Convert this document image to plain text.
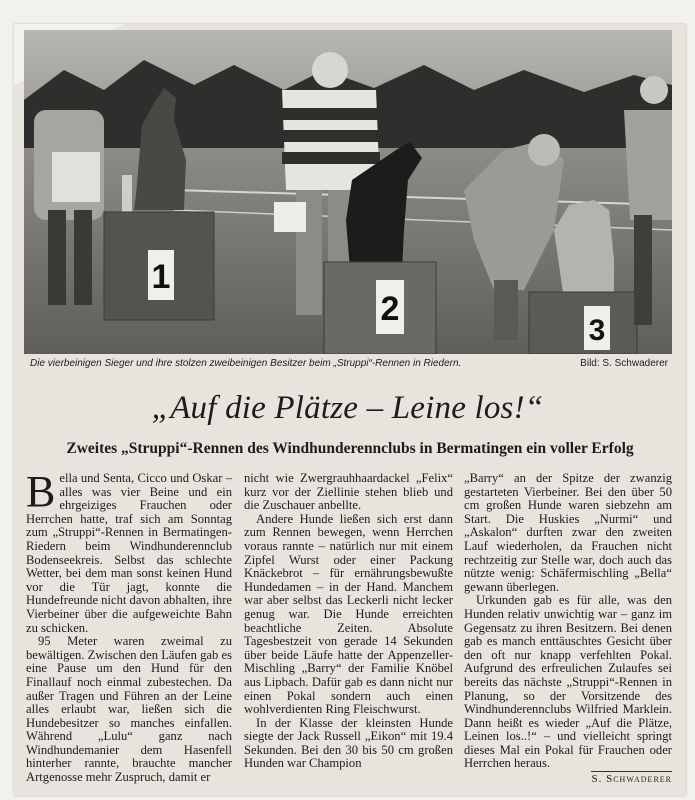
1
2
3
Die vierbeinigen Sieger und ihre stolzen zweibeinigen Besitzer beim „Struppi“-Rennen in Riedern.	Bild: S. Schwaderer
„Auf die Plätze – Leine los!“
Zweites „Struppi“-Rennen des Windhunderennclubs in Bermatingen ein voller Erfolg

Bella und Senta, Cicco und Oskar – alles was vier Beine und ein ehrgeiziges Frauchen oder Herrchen hatte, traf sich am Sonntag zum „Struppi“-Rennen in Bermatingen-Riedern beim Windhunderennclub Bodenseekreis. Selbst das schlechte Wetter, bei dem man sonst keinen Hund vor die Tür jagt, konnte die Hundefreunde nicht davon abhalten, ihre Vierbeiner über die aufgeweichte Bahn zu schicken.

95 Meter waren zweimal zu bewältigen. Zwischen den Läufen gab es eine Pause um den Hund für den Finallauf noch einmal zubestechen. Da außer Tragen und Führen an der Leine alles erlaubt war, ließen sich die Hundebesitzer so manches einfallen. Während „Lulu“ ganz nach Windhundemanier dem Hasenfell hinterher rannte, brauchte mancher Artgenosse mehr Zuspruch, damit er

nicht wie Zwergrauhhaardackel „Felix“ kurz vor der Ziellinie stehen blieb und die Zuschauer anbellte.

Andere Hunde ließen sich erst dann zum Rennen bewegen, wenn Herrchen voraus rannte – natürlich nur mit einem Zipfel Wurst oder einer Packung Knäckebrot – für ernährungsbewußte Hundedamen – in der Hand. Manchem war aber selbst das Leckerli nicht lecker genug war. Die Hunde erreichten beachtliche Zeiten. Absolute Tagesbestzeit von gerade 14 Sekunden über beide Läufe hatte der Appenzeller-Mischling „Barry“ der Familie Knöbel aus Lipbach. Dafür gab es dann nicht nur einen Pokal sondern auch einen wohlverdienten Ring Fleischwurst.

In der Klasse der kleinsten Hunde siegte der Jack Russell „Eikon“ mit 19.4 Sekunden. Bei den 30 bis 50 cm großen Hunden war Champion

„Barry“ an der Spitze der zwanzig gestarteten Vierbeiner. Bei den über 50 cm großen Hunde waren siebzehn am Start. Die Huskies „Nurmi“ und „Askalon“ durften zwar den zweiten Lauf wiederholen, da Frauchen nicht rechtzeitig zur Stelle war, doch auch das nützte wenig: Schäfermischling „Bella“ gewann überlegen.

Urkunden gab es für alle, was den Hunden relativ unwichtig war – ganz im Gegensatz zu ihren Besitzern. Bei denen gab es manch enttäuschtes Gesicht über den oft nur knapp verfehlten Pokal. Aufgrund des erfreulichen Zulaufes sei bereits das nächste „Struppi“-Rennen in Planung, so der Vorsitzende des Windhunderennclubs Wilfried Marklein. Dann heißt es wieder „Auf die Plätze, Leinen los..!“ – und vielleicht springt dieses Mal ein Pokal für Frauchen oder Herrchen heraus.

S. Schwaderer
